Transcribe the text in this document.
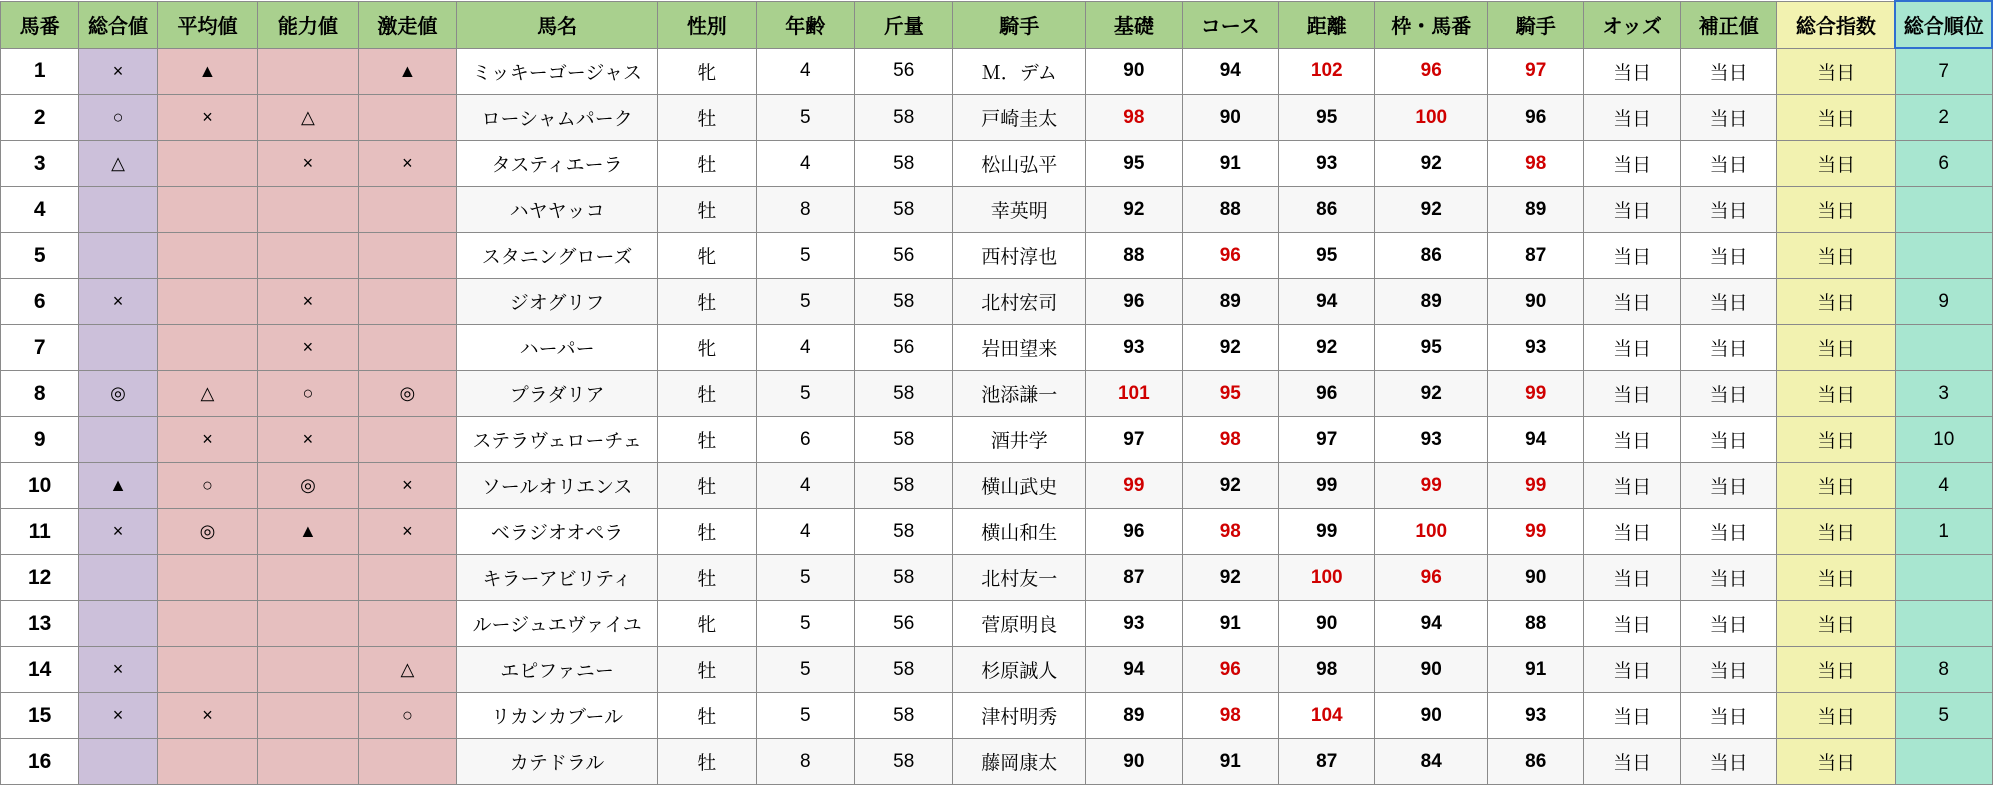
馬番	総合値	平均値	能力値	激走値	馬名	性別	年齢	斤量	騎手	基礎	コース	距離	枠・馬番	騎手	オッズ	補正値	総合指数	総合順位
1	×	▲		▲	ミッキーゴージャス	牝	4	56	Ｍ．デム	90	94	102	96	97	当日	当日	当日	7
2	○	×	△		ローシャムパーク	牡	5	58	戸崎圭太	98	90	95	100	96	当日	当日	当日	2
3	△		×	×	タスティエーラ	牡	4	58	松山弘平	95	91	93	92	98	当日	当日	当日	6
4					ハヤヤッコ	牡	8	58	幸英明	92	88	86	92	89	当日	当日	当日	
5					スタニングローズ	牝	5	56	西村淳也	88	96	95	86	87	当日	当日	当日	
6	×		×		ジオグリフ	牡	5	58	北村宏司	96	89	94	89	90	当日	当日	当日	9
7			×		ハーパー	牝	4	56	岩田望来	93	92	92	95	93	当日	当日	当日	
8	◎	△	○	◎	プラダリア	牡	5	58	池添謙一	101	95	96	92	99	当日	当日	当日	3
9		×	×		ステラヴェローチェ	牡	6	58	酒井学	97	98	97	93	94	当日	当日	当日	10
10	▲	○	◎	×	ソールオリエンス	牡	4	58	横山武史	99	92	99	99	99	当日	当日	当日	4
11	×	◎	▲	×	ベラジオオペラ	牡	4	58	横山和生	96	98	99	100	99	当日	当日	当日	1
12					キラーアビリティ	牡	5	58	北村友一	87	92	100	96	90	当日	当日	当日	
13					ルージュエヴァイユ	牝	5	56	菅原明良	93	91	90	94	88	当日	当日	当日	
14	×			△	エピファニー	牡	5	58	杉原誠人	94	96	98	90	91	当日	当日	当日	8
15	×	×		○	リカンカブール	牡	5	58	津村明秀	89	98	104	90	93	当日	当日	当日	5
16					カテドラル	牡	8	58	藤岡康太	90	91	87	84	86	当日	当日	当日	
